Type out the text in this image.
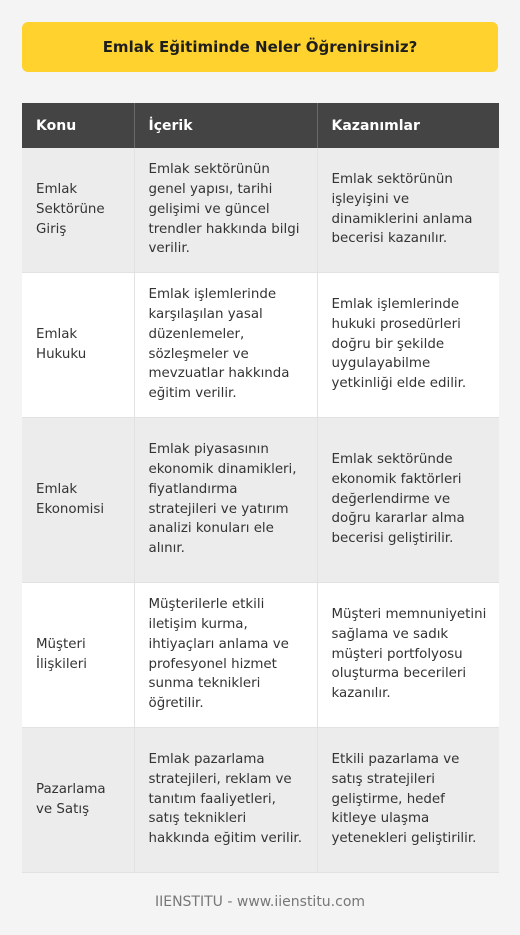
Emlak Eğitiminde Neler Öğrenirsiniz?
Konu	İçerik	Kazanımlar
Emlak Sektörüne Giriş	Emlak sektörünün genel yapısı, tarihi gelişimi ve güncel trendler hakkında bilgi verilir.	Emlak sektörünün işleyişini ve dinamiklerini anlama becerisi kazanılır.
Emlak Hukuku	Emlak işlemlerinde karşılaşılan yasal düzenlemeler, sözleşmeler ve mevzuatlar hakkında eğitim verilir.	Emlak işlemlerinde hukuki prosedürleri doğru bir şekilde uygulayabilme yetkinliği elde edilir.
Emlak Ekonomisi	Emlak piyasasının ekonomik dinamikleri, fiyatlandırma stratejileri ve yatırım analizi konuları ele alınır.	Emlak sektöründe ekonomik faktörleri değerlendirme ve doğru kararlar alma becerisi geliştirilir.
Müşteri İlişkileri	Müşterilerle etkili iletişim kurma, ihtiyaçları anlama ve profesyonel hizmet sunma teknikleri öğretilir.	Müşteri memnuniyetini sağlama ve sadık müşteri portfolyosu oluşturma becerileri kazanılır.
Pazarlama ve Satış	Emlak pazarlama stratejileri, reklam ve tanıtım faaliyetleri, satış teknikleri hakkında eğitim verilir.	Etkili pazarlama ve satış stratejileri geliştirme, hedef kitleye ulaşma yetenekleri geliştirilir.
IIENSTITU - www.iienstitu.com
